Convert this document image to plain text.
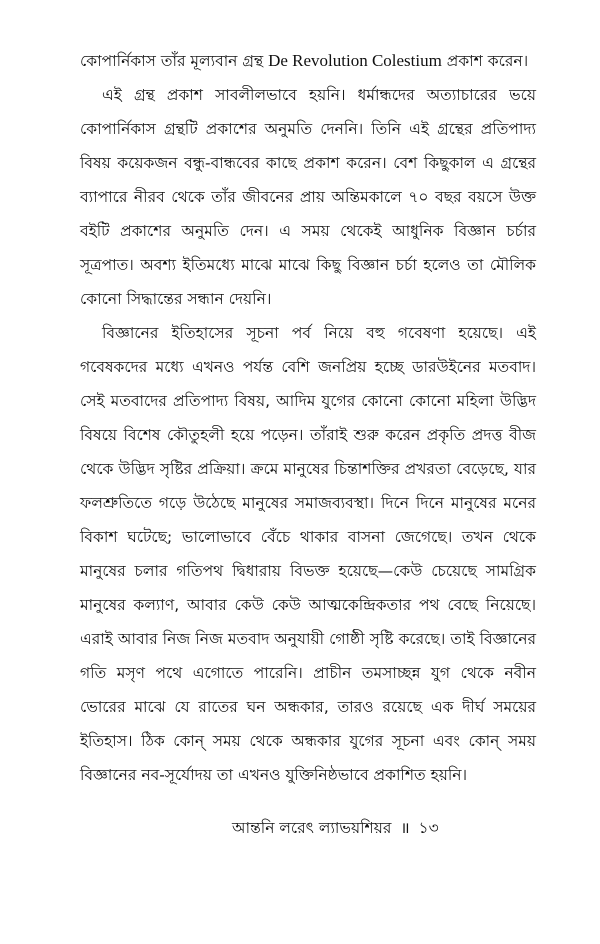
কোপার্নিকাস তাঁর মূল্যবান গ্রন্থ De Revolution Colestium প্রকাশ করেন।

এই গ্রন্থ প্রকাশ সাবলীলভাবে হয়নি। ধর্মান্ধদের অত্যাচারের ভয়ে কোপার্নিকাস গ্রন্থটি প্রকাশের অনুমতি দেননি। তিনি এই গ্রন্থের প্রতিপাদ্য বিষয় কয়েকজন বন্ধু-বান্ধবের কাছে প্রকাশ করেন। বেশ কিছুকাল এ গ্রন্থের ব্যাপারে নীরব থেকে তাঁর জীবনের প্রায় অন্তিমকালে ৭০ বছর বয়সে উক্ত বইটি প্রকাশের অনুমতি দেন। এ সময় থেকেই আধুনিক বিজ্ঞান চর্চার সূত্রপাত। অবশ্য ইতিমধ্যে মাঝে মাঝে কিছু বিজ্ঞান চর্চা হলেও তা মৌলিক কোনো সিদ্ধান্তের সন্ধান দেয়নি।

বিজ্ঞানের ইতিহাসের সূচনা পর্ব নিয়ে বহু গবেষণা হয়েছে। এই গবেষকদের মধ্যে এখনও পর্যন্ত বেশি জনপ্রিয় হচ্ছে ডারউইনের মতবাদ। সেই মতবাদের প্রতিপাদ্য বিষয়, আদিম যুগের কোনো কোনো মহিলা উদ্ভিদ বিষয়ে বিশেষ কৌতুহলী হয়ে পড়েন। তাঁরাই শুরু করেন প্রকৃতি প্রদত্ত বীজ থেকে উদ্ভিদ সৃষ্টির প্রক্রিয়া। ক্রমে মানুষের চিন্তাশক্তির প্রখরতা বেড়েছে, যার ফলশ্রুতিতে গড়ে উঠেছে মানুষের সমাজব্যবস্থা। দিনে দিনে মানুষের মনের বিকাশ ঘটেছে; ভালোভাবে বেঁচে থাকার বাসনা জেগেছে। তখন থেকে মানুষের চলার গতিপথ দ্বিধারায় বিভক্ত হয়েছে—কেউ চেয়েছে সামগ্রিক মানুষের কল্যাণ, আবার কেউ কেউ আত্মকেন্দ্রিকতার পথ বেছে নিয়েছে। এরাই আবার নিজ নিজ মতবাদ অনুযায়ী গোষ্ঠী সৃষ্টি করেছে। তাই বিজ্ঞানের গতি মসৃণ পথে এগোতে পারেনি। প্রাচীন তমসাচ্ছন্ন যুগ থেকে নবীন ভোরের মাঝে যে রাতের ঘন অন্ধকার, তারও রয়েছে এক দীর্ঘ সময়ের ইতিহাস। ঠিক কোন্ সময় থেকে অন্ধকার যুগের সূচনা এবং কোন্ সময় বিজ্ঞানের নব-সূর্যোদয় তা এখনও যুক্তিনিষ্ঠভাবে প্রকাশিত হয়নি।

আন্তনি লরেৎ ল্যাভয়শিয়র ॥ ১৩
